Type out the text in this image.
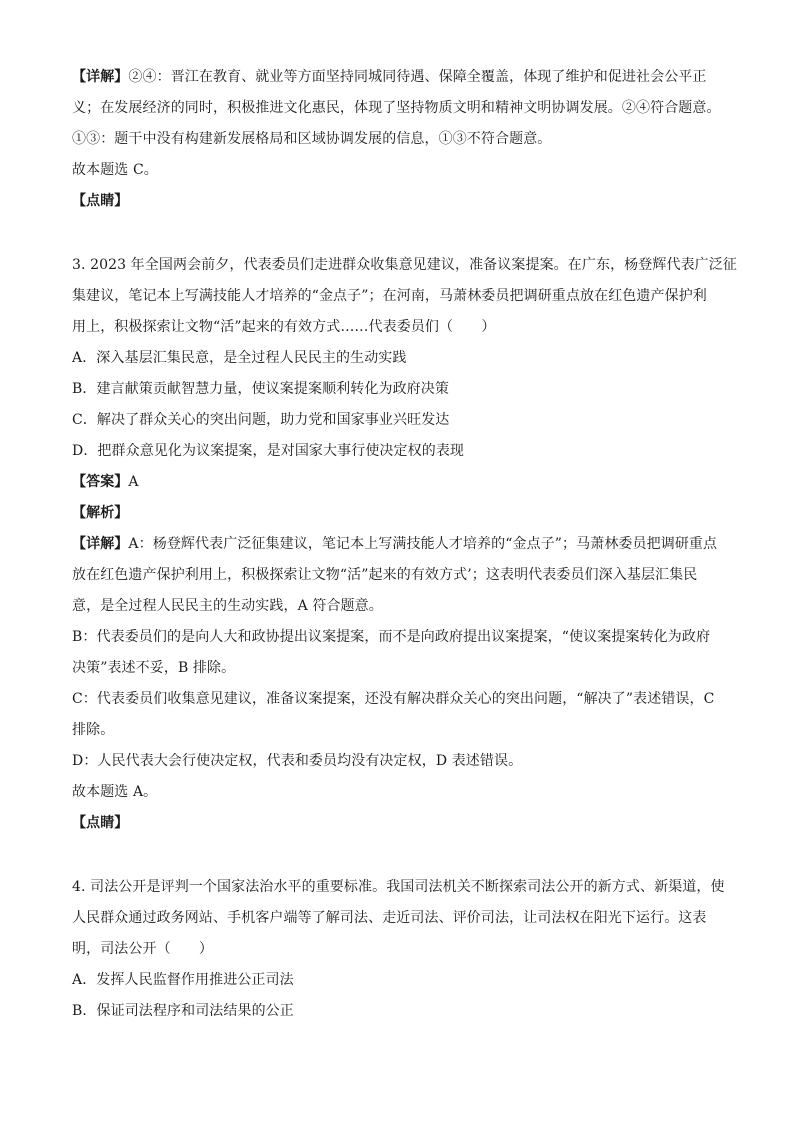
【详解】②④：晋江在教育、就业等方面坚持同城同待遇、保障全覆盖，体现了维护和促进社会公平正
义；在发展经济的同时，积极推进文化惠民，体现了坚持物质文明和精神文明协调发展。②④符合题意。
①③：题干中没有构建新发展格局和区域协调发展的信息，①③不符合题意。
故本题选 C。
【点睛】
3. 2023 年全国两会前夕，代表委员们走进群众收集意见建议，准备议案提案。在广东，杨登辉代表广泛征
集建议，笔记本上写满技能人才培养的“金点子”；在河南，马萧林委员把调研重点放在红色遗产保护利
用上，积极探索让文物“活”起来的有效方式……代表委员们（　　）
A．深入基层汇集民意，是全过程人民民主的生动实践
B．建言献策贡献智慧力量，使议案提案顺利转化为政府决策
C．解决了群众关心的突出问题，助力党和国家事业兴旺发达
D．把群众意见化为议案提案，是对国家大事行使决定权的表现
【答案】A
【解析】
【详解】A：杨登辉代表广泛征集建议，笔记本上写满技能人才培养的“金点子”；马萧林委员把调研重点
放在红色遗产保护利用上，积极探索让文物“活”起来的有效方式’；这表明代表委员们深入基层汇集民
意，是全过程人民民主的生动实践，A 符合题意。
B：代表委员们的是向人大和政协提出议案提案，而不是向政府提出议案提案，“使议案提案转化为政府
决策”表述不妥，B 排除。
C：代表委员们收集意见建议，准备议案提案，还没有解决群众关心的突出问题，“解决了”表述错误，C
排除。
D：人民代表大会行使决定权，代表和委员均没有决定权，D 表述错误。
故本题选 A。
【点睛】
4. 司法公开是评判一个国家法治水平的重要标准。我国司法机关不断探索司法公开的新方式、新渠道，使
人民群众通过政务网站、手机客户端等了解司法、走近司法、评价司法，让司法权在阳光下运行。这表
明，司法公开（　　）
A．发挥人民监督作用推进公正司法
B．保证司法程序和司法结果的公正
